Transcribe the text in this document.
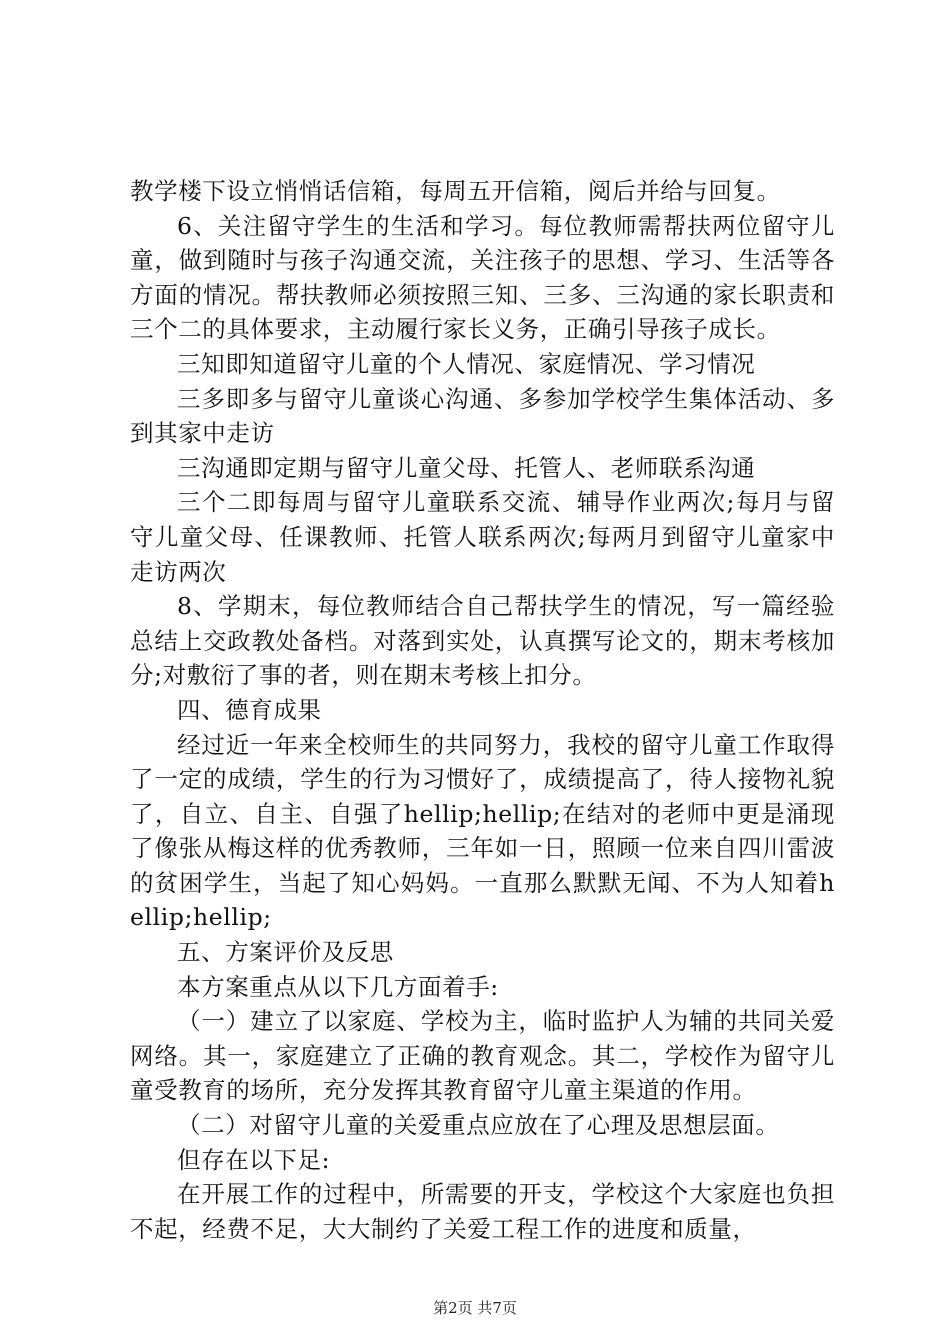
教学楼下设立悄悄话信箱，每周五开信箱，阅后并给与回复。

6、关注留守学生的生活和学习。每位教师需帮扶两位留守儿童，做到随时与孩子沟通交流，关注孩子的思想、学习、生活等各方面的情况。帮扶教师必须按照三知、三多、三沟通的家长职责和三个二的具体要求，主动履行家长义务，正确引导孩子成长。

三知即知道留守儿童的个人情况、家庭情况、学习情况

三多即多与留守儿童谈心沟通、多参加学校学生集体活动、多到其家中走访

三沟通即定期与留守儿童父母、托管人、老师联系沟通

三个二即每周与留守儿童联系交流、辅导作业两次;每月与留守儿童父母、任课教师、托管人联系两次;每两月到留守儿童家中走访两次

8、学期末，每位教师结合自己帮扶学生的情况，写一篇经验总结上交政教处备档。对落到实处，认真撰写论文的，期末考核加分;对敷衍了事的者，则在期末考核上扣分。

四、德育成果

经过近一年来全校师生的共同努力，我校的留守儿童工作取得了一定的成绩，学生的行为习惯好了，成绩提高了，待人接物礼貌了，自立、自主、自强了hellip;hellip;在结对的老师中更是涌现了像张从梅这样的优秀教师，三年如一日，照顾一位来自四川雷波的贫困学生，当起了知心妈妈。一直那么默默无闻、不为人知着hellip;hellip;

五、方案评价及反思

本方案重点从以下几方面着手:

（一）建立了以家庭、学校为主，临时监护人为辅的共同关爱网络。其一，家庭建立了正确的教育观念。其二，学校作为留守儿童受教育的场所，充分发挥其教育留守儿童主渠道的作用。

（二）对留守儿童的关爱重点应放在了心理及思想层面。

但存在以下足:

在开展工作的过程中，所需要的开支，学校这个大家庭也负担不起，经费不足，大大制约了关爱工程工作的进度和质量，

第2页 共7页
